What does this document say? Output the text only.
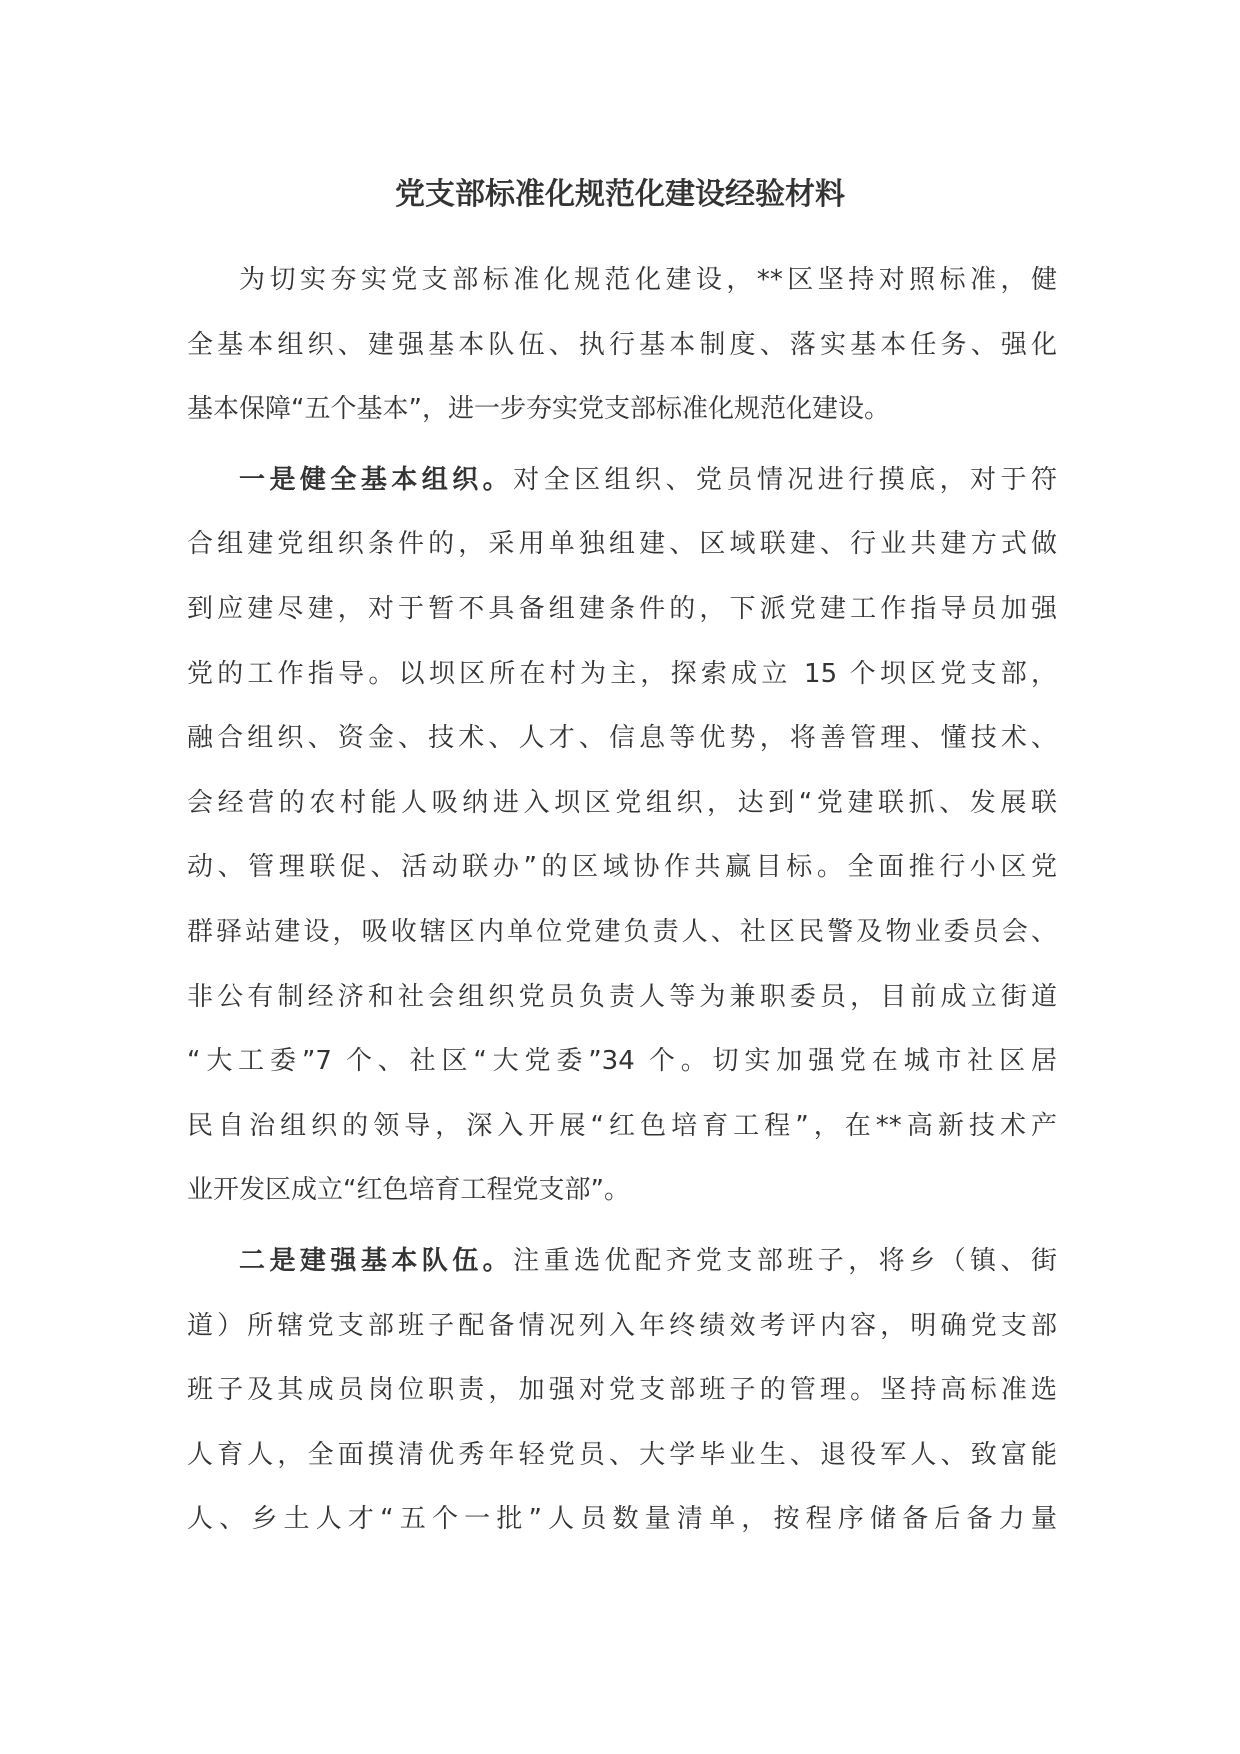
党支部标准化规范化建设经验材料

为切实夯实党支部标准化规范化建设，**区坚持对照标准，健
全基本组织、建强基本队伍、执行基本制度、落实基本任务、强化
基本保障“五个基本”，进一步夯实党支部标准化规范化建设。

一是健全基本组织。对全区组织、党员情况进行摸底，对于符
合组建党组织条件的，采用单独组建、区域联建、行业共建方式做
到应建尽建，对于暂不具备组建条件的，下派党建工作指导员加强
党的工作指导。以坝区所在村为主，探索成立 15 个坝区党支部，
融合组织、资金、技术、人才、信息等优势，将善管理、懂技术、
会经营的农村能人吸纳进入坝区党组织，达到“党建联抓、发展联
动、管理联促、活动联办”的区域协作共赢目标。全面推行小区党
群驿站建设，吸收辖区内单位党建负责人、社区民警及物业委员会、
非公有制经济和社会组织党员负责人等为兼职委员，目前成立街道
“大工委”7 个、社区“大党委”34 个。切实加强党在城市社区居
民自治组织的领导，深入开展“红色培育工程”，在**高新技术产
业开发区成立“红色培育工程党支部”。

二是建强基本队伍。注重选优配齐党支部班子，将乡（镇、街
道）所辖党支部班子配备情况列入年终绩效考评内容，明确党支部
班子及其成员岗位职责，加强对党支部班子的管理。坚持高标准选
人育人，全面摸清优秀年轻党员、大学毕业生、退役军人、致富能
人、乡土人才“五个一批”人员数量清单，按程序储备后备力量
